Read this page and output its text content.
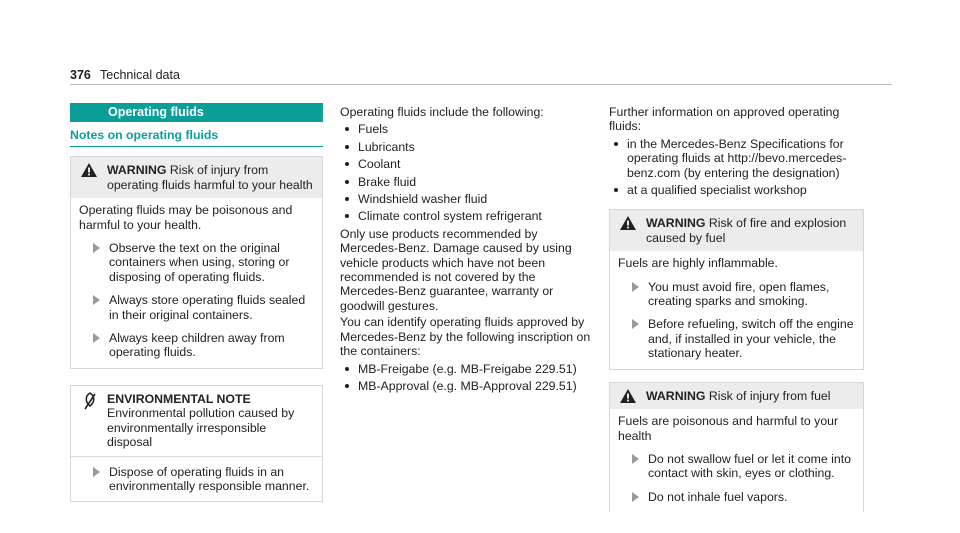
376 Technical data
Operating fluids
Notes on operating fluids
WARNING Risk of injury from operating fluids harmful to your health

Operating fluids may be poisonous and harmful to your health.

Observe the text on the original containers when using, storing or disposing of operating fluids.
Always store operating fluids sealed in their original containers.
Always keep children away from operating fluids.
ENVIRONMENTAL NOTE Environmental pollution caused by environmentally irresponsible disposal
Dispose of operating fluids in an environmentally responsible manner.

Operating fluids include the following:

Fuels
Lubricants
Coolant
Brake fluid
Windshield washer fluid
Climate control system refrigerant

Only use products recommended by Mercedes-Benz. Damage caused by using vehicle products which have not been recommended is not covered by the Mercedes-Benz guarantee, warranty or goodwill gestures.

You can identify operating fluids approved by Mercedes-Benz by the following inscription on the containers:

MB-Freigabe (e.g. MB-Freigabe 229.51)
MB-Approval (e.g. MB-Approval 229.51)

Further information on approved operating fluids:

in the Mercedes-Benz Specifications for operating fluids at http://bevo.mercedes-benz.com (by entering the designation)
at a qualified specialist workshop
WARNING Risk of fire and explosion caused by fuel

Fuels are highly inflammable.

You must avoid fire, open flames, creating sparks and smoking.
Before refueling, switch off the engine and, if installed in your vehicle, the stationary heater.
WARNING Risk of injury from fuel

Fuels are poisonous and harmful to your health

Do not swallow fuel or let it come into contact with skin, eyes or clothing.
Do not inhale fuel vapors.
